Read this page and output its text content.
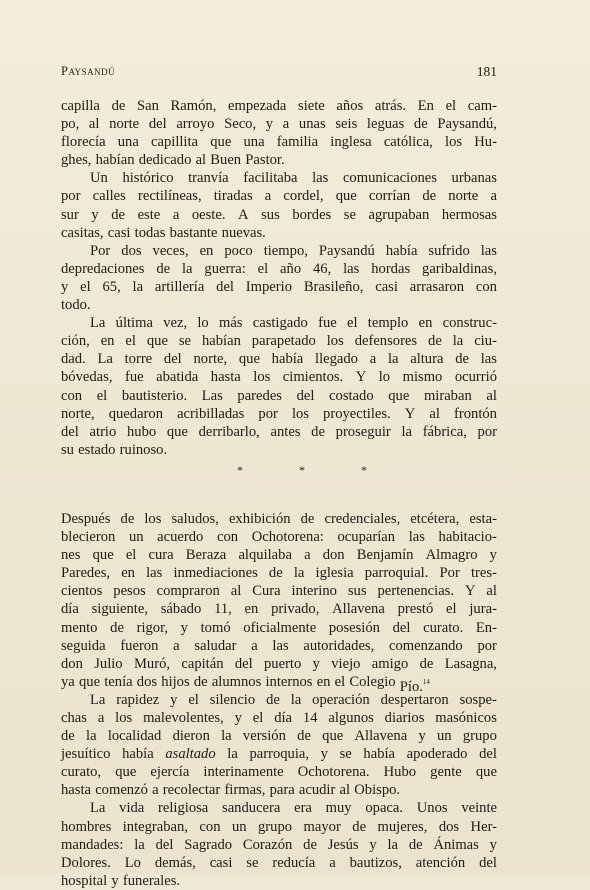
Paysandú	181
capilla de San Ramón, empezada siete años atrás. En el cam-
po, al norte del arroyo Seco, y a unas seis leguas de Paysandú,
florecía una capillita que una familia inglesa católica, los Hu-
ghes, habían dedicado al Buen Pastor.
Un histórico tranvía facilitaba las comunicaciones urbanas
por calles rectilíneas, tiradas a cordel, que corrían de norte a
sur y de este a oeste. A sus bordes se agrupaban hermosas
casitas, casi todas bastante nuevas.
Por dos veces, en poco tiempo, Paysandú había sufrido las
depredaciones de la guerra: el año 46, las hordas garibaldinas,
y el 65, la artillería del Imperio Brasileño, casi arrasaron con
todo.
La última vez, lo más castigado fue el templo en construc-
ción, en el que se habían parapetado los defensores de la ciu-
dad. La torre del norte, que había llegado a la altura de las
bóvedas, fue abatida hasta los cimientos. Y lo mismo ocurrió
con el bautisterio. Las paredes del costado que miraban al
norte, quedaron acribilladas por los proyectiles. Y al frontón
del atrio hubo que derribarlo, antes de proseguir la fábrica, por
su estado ruinoso.
*	*	*
Después de los saludos, exhibición de credenciales, etcétera, esta-
blecieron un acuerdo con Ochotorena: ocuparían las habitacio-
nes que el cura Beraza alquilaba a don Benjamín Almagro y
Paredes, en las inmediaciones de la iglesia parroquial. Por tres-
cientos pesos compraron al Cura interino sus pertenencias. Y al
día siguiente, sábado 11, en privado, Allavena prestó el jura-
mento de rigor, y tomó oficialmente posesión del curato. En-
seguida fueron a saludar a las autoridades, comenzando por
don Julio Muró, capitán del puerto y viejo amigo de Lasagna,
ya que tenía dos hijos de alumnos internos en el Colegio Pío.$^{14}$
La rapidez y el silencio de la operación despertaron sospe-
chas a los malevolentes, y el día 14 algunos diarios masónicos
de la localidad dieron la versión de que Allavena y un grupo
jesuítico había asaltado la parroquia, y se había apoderado del
curato, que ejercía interinamente Ochotorena. Hubo gente que
hasta comenzó a recolectar firmas, para acudir al Obispo.
La vida religiosa sanducera era muy opaca. Unos veinte
hombres integraban, con un grupo mayor de mujeres, dos Her-
mandades: la del Sagrado Corazón de Jesús y la de Ánimas y
Dolores. Lo demás, casi se reducía a bautizos, atención del
hospital y funerales.
